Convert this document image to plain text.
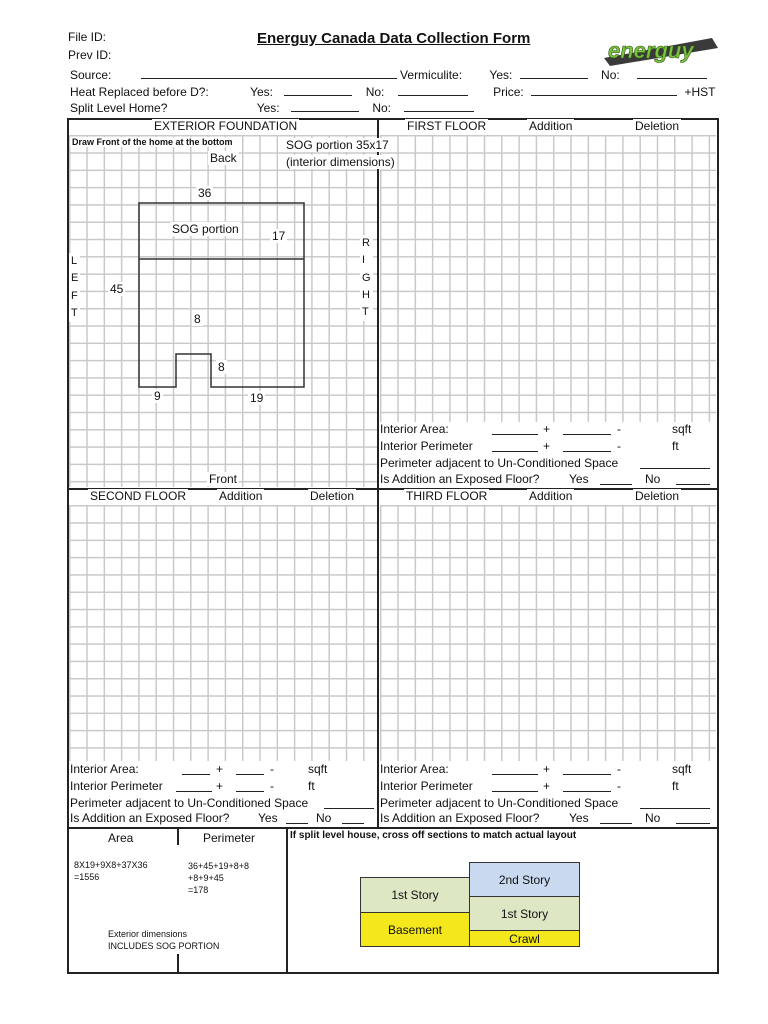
File ID:
Prev ID:
Energuy Canada Data Collection Form	energuy
Source:	Vermiculite: Yes:	No:
Heat Replaced before D?:	Yes:	No:	Price:	+HST
Split Level Home?	Yes:	No:
EXTERIOR FOUNDATION
Draw Front of the home at the bottom
Back
SOG portion 35x17
(interior dimensions)
L
E
F
T
R
I
G
H
T
36
SOG portion	17
45
8
8
9	19
Front
FIRST FLOOR	Addition	Deletion
Interior Area:	+	-	sqft
Interior Perimeter	+	-	ft
Perimeter adjacent to Un-Conditioned Space
Is Addition an Exposed Floor? Yes	No
SECOND FLOOR	Addition	Deletion
Interior Area:	+	-	sqft
Interior Perimeter	+	-	ft
Perimeter adjacent to Un-Conditioned Space
Is Addition an Exposed Floor? Yes	No
THIRD FLOOR	Addition	Deletion
Interior Area:	+	-	sqft
Interior Perimeter	+	-	ft
Perimeter adjacent to Un-Conditioned Space
Is Addition an Exposed Floor? Yes	No
Area	Perimeter
8X19+9X8+37X36
=1556
36+45+19+8+8
+8+9+45
=178
Exterior dimensions
INCLUDES SOG PORTION
If split level house, cross off sections to match actual layout
1st Story
Basement
2nd Story
1st Story
Crawl
